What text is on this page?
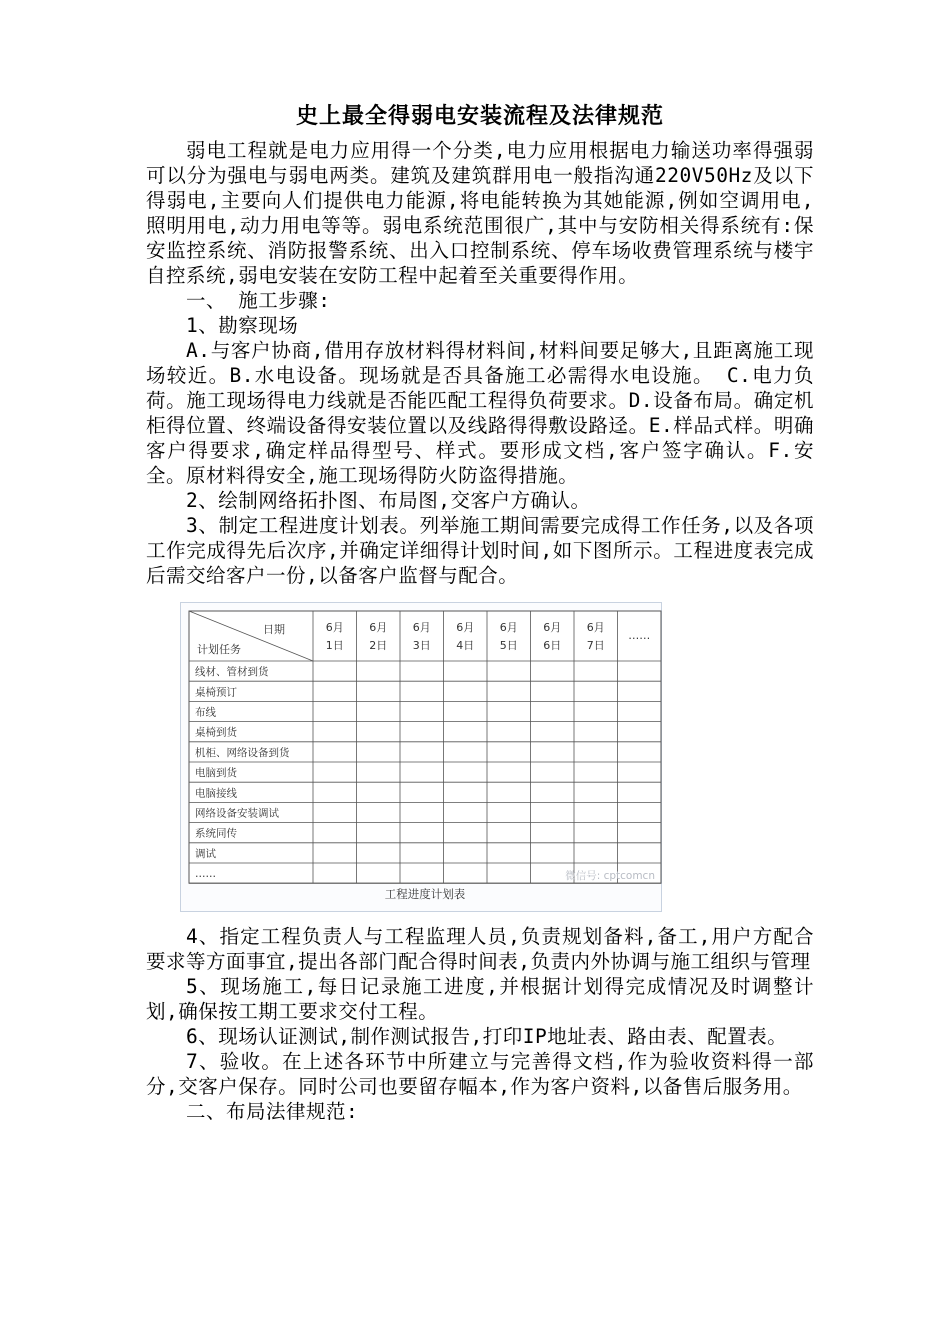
史上最全得弱电安装流程及法律规范

弱电工程就是电力应用得一个分类,电力应用根据电力输送功率得强弱可以分为强电与弱电两类。建筑及建筑群用电一般指沟通220V50Hz及以下得弱电,主要向人们提供电力能源,将电能转换为其她能源,例如空调用电,照明用电,动力用电等等。弱电系统范围很广,其中与安防相关得系统有:保安监控系统、消防报警系统、出入口控制系统、停车场收费管理系统与楼宇自控系统,弱电安装在安防工程中起着至关重要得作用。

一、 施工步骤:

1、勘察现场

A.与客户协商,借用存放材料得材料间,材料间要足够大,且距离施工现场较近。B.水电设备。现场就是否具备施工必需得水电设施。 C.电力负荷。施工现场得电力线就是否能匹配工程得负荷要求。D.设备布局。确定机柜得位置、终端设备得安装位置以及线路得得敷设路迳。E.样品式样。明确客户得要求,确定样品得型号、样式。要形成文档,客户签字确认。F.安全。原材料得安全,施工现场得防火防盗得措施。

2、绘制网络拓扑图、布局图,交客户方确认。

3、制定工程进度计划表。列举施工期间需要完成得工作任务,以及各项工作完成得先后次序,并确定详细得计划时间,如下图所示。工程进度表完成后需交给客户一份,以备客户监督与配合。

日期
计划任务
6月
1日
6月
2日
6月
3日
6月
4日
6月
5日
6月
6日
6月
7日
……
线材、管材到货
桌椅预订
布线
桌椅到货
机柜、网络设备到货
电脑到货
电脑接线
网络设备安装调试
系统同传
调试
……	微信号: cptcomcn
工程进度计划表

4、指定工程负责人与工程监理人员,负责规划备料,备工,用户方配合要求等方面事宜,提出各部门配合得时间表,负责内外协调与施工组织与管理

5、现场施工,每日记录施工进度,并根据计划得完成情况及时调整计划,确保按工期工要求交付工程。

6、现场认证测试,制作测试报告,打印IP地址表、路由表、配置表。

7、验收。在上述各环节中所建立与完善得文档,作为验收资料得一部分,交客户保存。同时公司也要留存幅本,作为客户资料,以备售后服务用。

二、布局法律规范:
